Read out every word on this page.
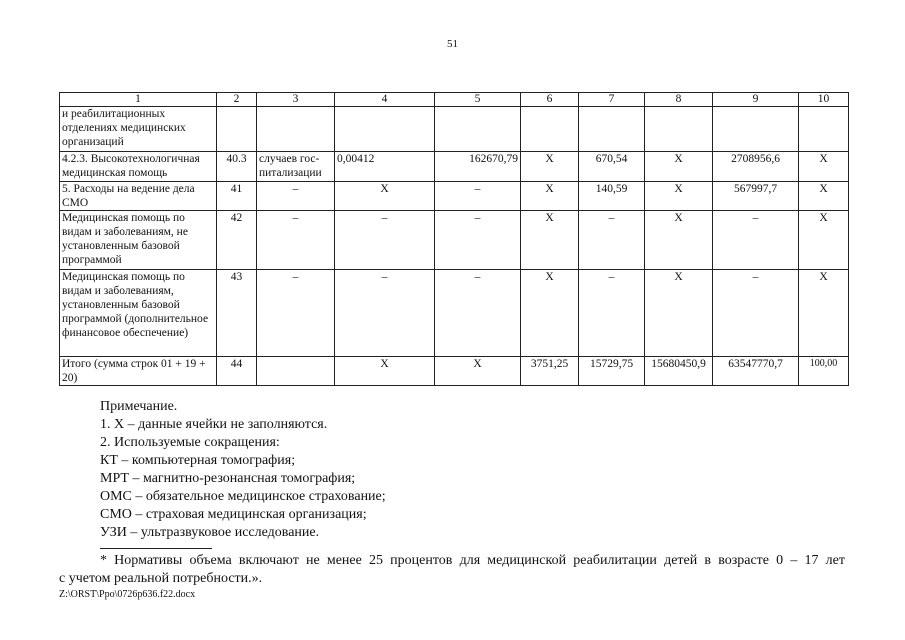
51
1	2	3	4	5	6	7	8	9	10
и реабилитационных отделениях медицинских организаций									
4.2.3. Высокотехнологичная медицинская помощь	40.3	случаев гос-питализации	0,00412	162670,79	Х	670,54	Х	2708956,6	Х
5. Расходы на ведение дела СМО	41	–	Х	–	Х	140,59	Х	567997,7	Х
Медицинская помощь по видам и заболеваниям, не установленным базовой программой	42	–	–	–	Х	–	Х	–	Х
Медицинская помощь по видам и заболеваниям, установленным базовой программой (дополнительное финансовое обеспечение)	43	–	–	–	Х	–	Х	–	Х
Итого (сумма строк 01 + 19 + 20)	44		Х	Х	3751,25	15729,75	15680450,9	63547770,7	100,00
Примечание.
1. Х – данные ячейки не заполняются.
2. Используемые сокращения:
КТ – компьютерная томография;
МРТ – магнитно-резонансная томография;
ОМС – обязательное медицинское страхование;
СМО – страховая медицинская организация;
УЗИ – ультразвуковое исследование.
* Нормативы объема включают не менее 25 процентов для медицинской реабилитации детей в возрасте 0 – 17 лет
с учетом реальной потребности.».
Z:\ORST\Ppo\0726p636.f22.docx
